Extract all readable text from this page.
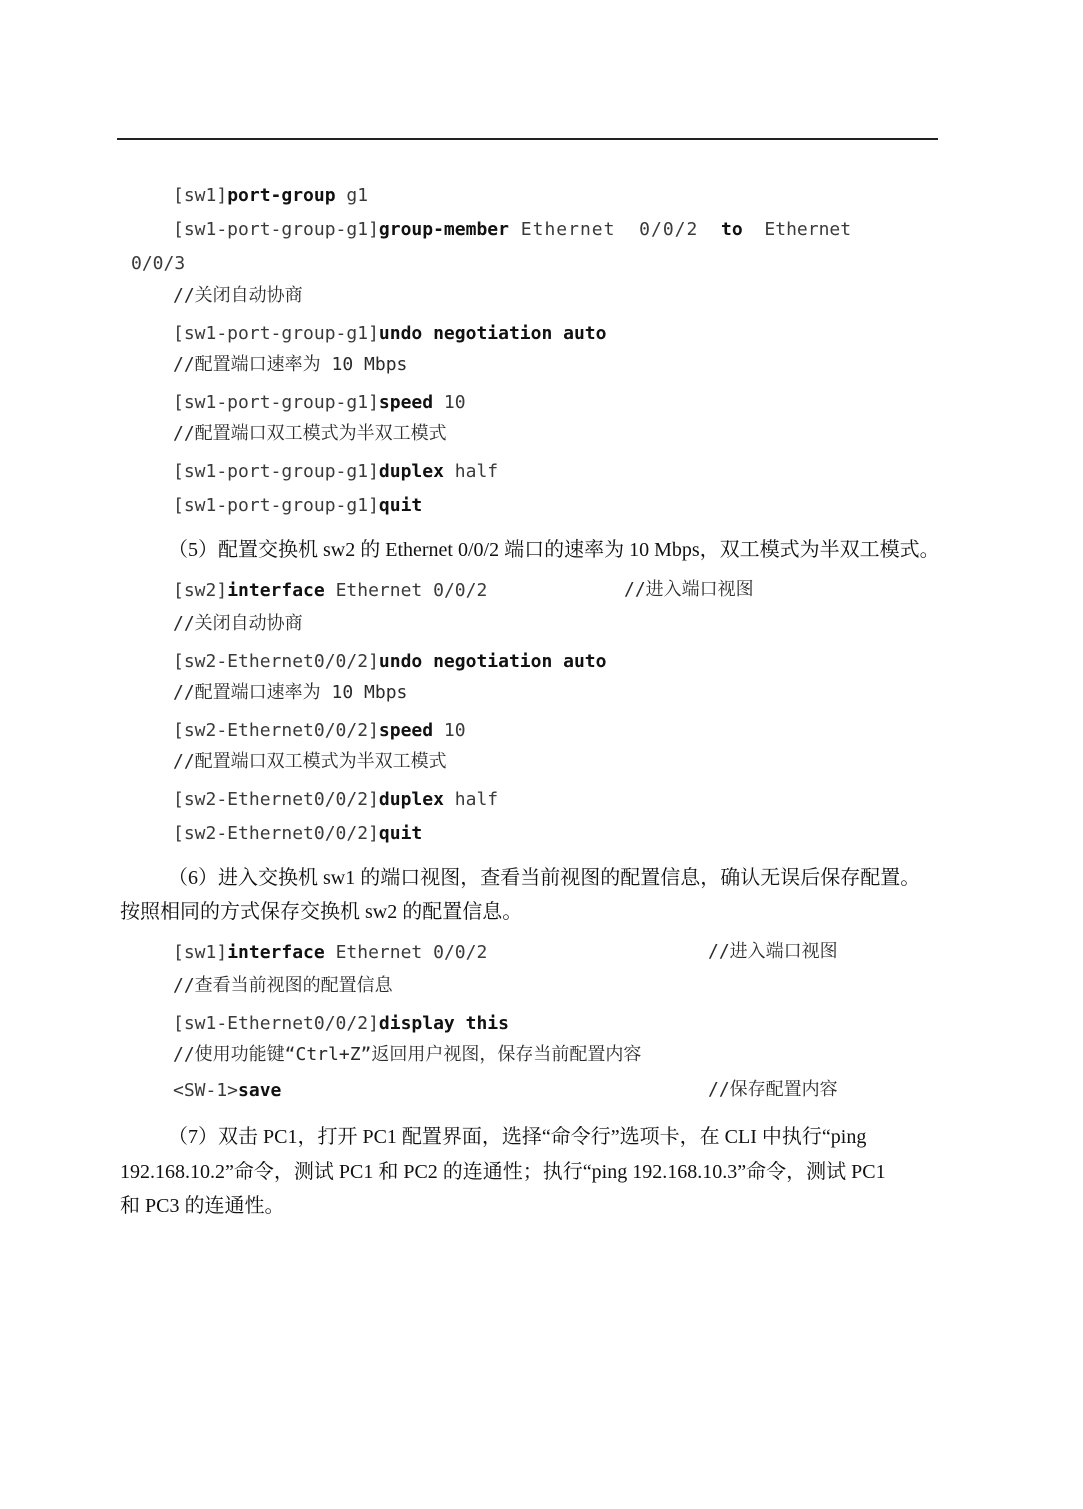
[sw1]port-group g1
[sw1-port-group-g1]group-member Ethernet  0/0/2  to  Ethernet
0/0/3
//关闭自动协商
[sw1-port-group-g1]undo negotiation auto
//配置端口速率为 10 Mbps
[sw1-port-group-g1]speed 10
//配置端口双工模式为半双工模式
[sw1-port-group-g1]duplex half
[sw1-port-group-g1]quit
（5）配置交换机 sw2 的 Ethernet 0/0/2 端口的速率为 10 Mbps，双工模式为半双工模式。
[sw2]interface Ethernet 0/0/2	//进入端口视图
//关闭自动协商
[sw2-Ethernet0/0/2]undo negotiation auto
//配置端口速率为 10 Mbps
[sw2-Ethernet0/0/2]speed 10
//配置端口双工模式为半双工模式
[sw2-Ethernet0/0/2]duplex half
[sw2-Ethernet0/0/2]quit
（6）进入交换机 sw1 的端口视图，查看当前视图的配置信息，确认无误后保存配置。
按照相同的方式保存交换机 sw2 的配置信息。
[sw1]interface Ethernet 0/0/2	//进入端口视图
//查看当前视图的配置信息
[sw1-Ethernet0/0/2]display this
//使用功能键“Ctrl+Z”返回用户视图，保存当前配置内容
<SW-1>save	//保存配置内容
（7）双击 PC1，打开 PC1 配置界面，选择“命令行”选项卡，在 CLI 中执行“ping
192.168.10.2”命令，测试 PC1 和 PC2 的连通性；执行“ping 192.168.10.3”命令，测试 PC1
和 PC3 的连通性。
